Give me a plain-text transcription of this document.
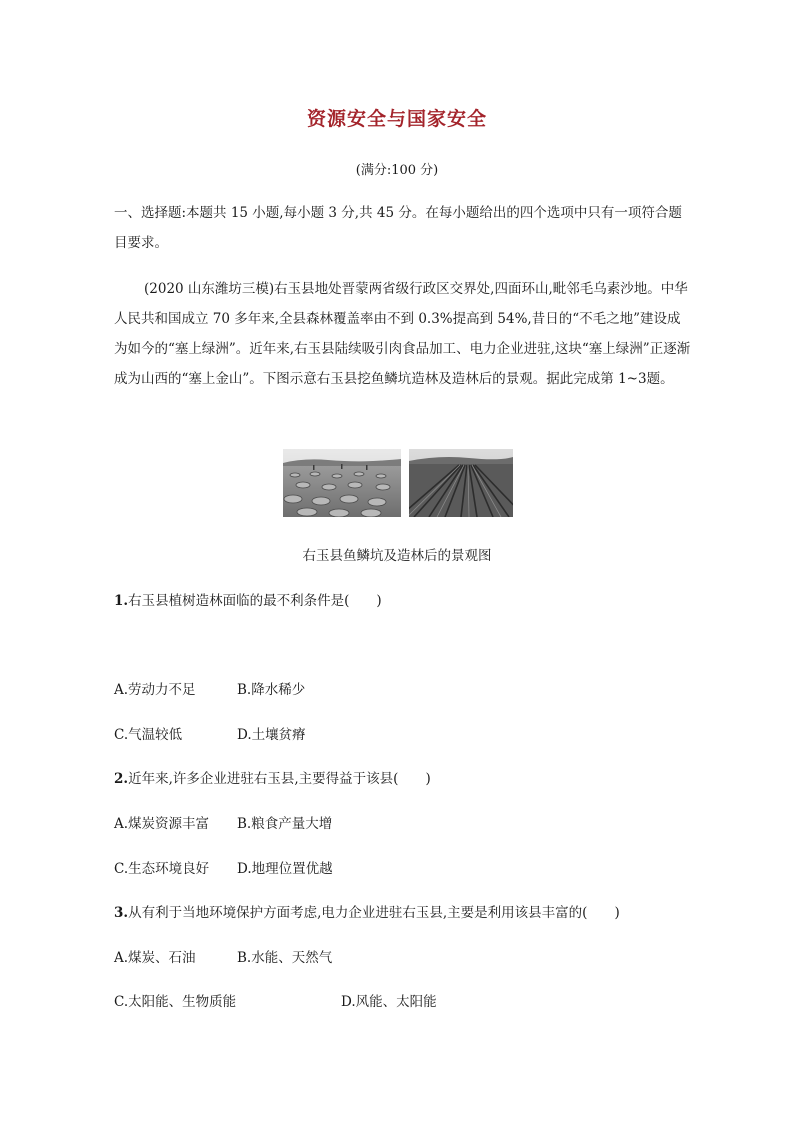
资源安全与国家安全
(满分:100 分)

一、选择题:本题共 15 小题,每小题 3 分,共 45 分。在每小题给出的四个选项中只有一项符合题目要求。

(2020 山东潍坊三模)右玉县地处晋蒙两省级行政区交界处,四面环山,毗邻毛乌素沙地。中华人民共和国成立 70 多年来,全县森林覆盖率由不到 0.3%提高到 54%,昔日的“不毛之地”建设成为如今的“塞上绿洲”。近年来,右玉县陆续吸引肉食品加工、电力企业进驻,这块“塞上绿洲”正逐渐成为山西的“塞上金山”。下图示意右玉县挖鱼鳞坑造林及造林后的景观。据此完成第 1~3题。

右玉县鱼鳞坑及造林后的景观图
1.右玉县植树造林面临的最不利条件是(　　)
A.劳动力不足	B.降水稀少
C.气温较低	D.土壤贫瘠
2.近年来,许多企业进驻右玉县,主要得益于该县(　　)
A.煤炭资源丰富 B.粮食产量大增
C.生态环境良好 D.地理位置优越
3.从有利于当地环境保护方面考虑,电力企业进驻右玉县,主要是利用该县丰富的(　　)
A.煤炭、石油	B.水能、天然气
C.太阳能、生物质能	D.风能、太阳能
